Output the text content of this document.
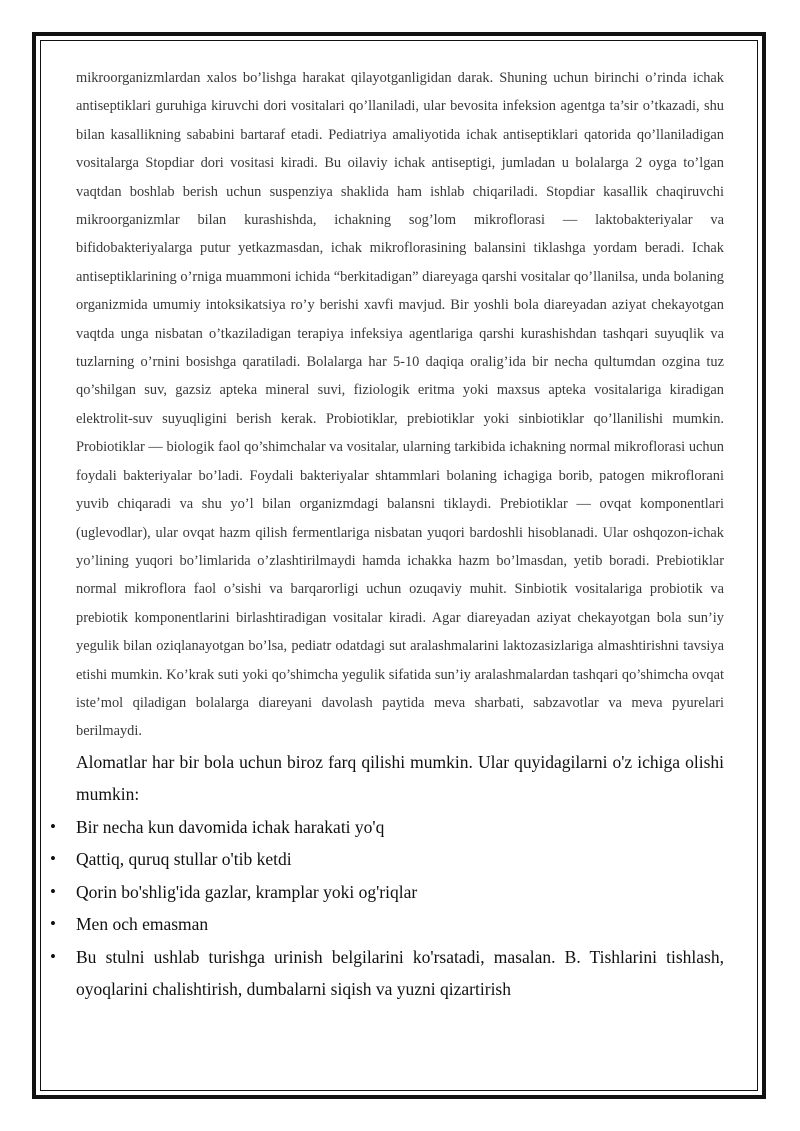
mikroorganizmlardan xalos bo’lishga harakat qilayotganligidan darak. Shuning uchun birinchi o’rinda ichak antiseptiklari guruhiga kiruvchi dori vositalari qo’llaniladi, ular bevosita infeksion agentga ta’sir o’tkazadi, shu bilan kasallikning sababini bartaraf etadi. Pediatriya amaliyotida ichak antiseptiklari qatorida qo’llaniladigan vositalarga Stopdiar dori vositasi kiradi. Bu oilaviy ichak antiseptigi, jumladan u bolalarga 2 oyga to’lgan vaqtdan boshlab berish uchun suspenziya shaklida ham ishlab chiqariladi. Stopdiar kasallik chaqiruvchi mikroorganizmlar bilan kurashishda, ichakning sog’lom mikroflorasi — laktobakteriyalar va bifidobakteriyalarga putur yetkazmasdan, ichak mikroflorasining balansini tiklashga yordam beradi. Ichak antiseptiklarining o’rniga muammoni ichida “berkitadigan” diareyaga qarshi vositalar qo’llanilsa, unda bolaning organizmida umumiy intoksikatsiya ro’y berishi xavfi mavjud. Bir yoshli bola diareyadan aziyat chekayotgan vaqtda unga nisbatan o’tkaziladigan terapiya infeksiya agentlariga qarshi kurashishdan tashqari suyuqlik va tuzlarning o’rnini bosishga qaratiladi. Bolalarga har 5-10 daqiqa oralig’ida bir necha qultumdan ozgina tuz qo’shilgan suv, gazsiz apteka mineral suvi, fiziologik eritma yoki maxsus apteka vositalariga kiradigan elektrolit-suv suyuqligini berish kerak. Probiotiklar, prebiotiklar yoki sinbiotiklar qo’llanilishi mumkin. Probiotiklar — biologik faol qo’shimchalar va vositalar, ularning tarkibida ichakning normal mikroflorasi uchun foydali bakteriyalar bo’ladi. Foydali bakteriyalar shtammlari bolaning ichagiga borib, patogen mikroflorani yuvib chiqaradi va shu yo’l bilan organizmdagi balansni tiklaydi. Prebiotiklar — ovqat komponentlari (uglevodlar), ular ovqat hazm qilish fermentlariga nisbatan yuqori bardoshli hisoblanadi. Ular oshqozon-ichak yo’lining yuqori bo’limlarida o’zlashtirilmaydi hamda ichakka hazm bo’lmasdan, yetib boradi. Prebiotiklar normal mikroflora faol o’sishi va barqarorligi uchun ozuqaviy muhit. Sinbiotik vositalariga probiotik va prebiotik komponentlarini birlashtiradigan vositalar kiradi. Agar diareyadan aziyat chekayotgan bola sun’iy yegulik bilan oziqlanayotgan bo’lsa, pediatr odatdagi sut aralashmalarini laktozasizlariga almashtirishni tavsiya etishi mumkin. Ko’krak suti yoki qo’shimcha yegulik sifatida sun’iy aralashmalardan tashqari qo’shimcha ovqat iste’mol qiladigan bolalarga diareyani davolash paytida meva sharbati, sabzavotlar va meva pyurelari berilmaydi.

Alomatlar har bir bola uchun biroz farq qilishi mumkin. Ular quyidagilarni o'z ichiga olishi mumkin:

• Bir necha kun davomida ichak harakati yo'q
• Qattiq, quruq stullar o'tib ketdi
• Qorin bo'shlig'ida gazlar, kramplar yoki og'riqlar
• Men och emasman
• Bu stulni ushlab turishga urinish belgilarini ko'rsatadi, masalan. B. Tishlarini tishlash, oyoqlarini chalishtirish, dumbalarni siqish va yuzni qizartirish
